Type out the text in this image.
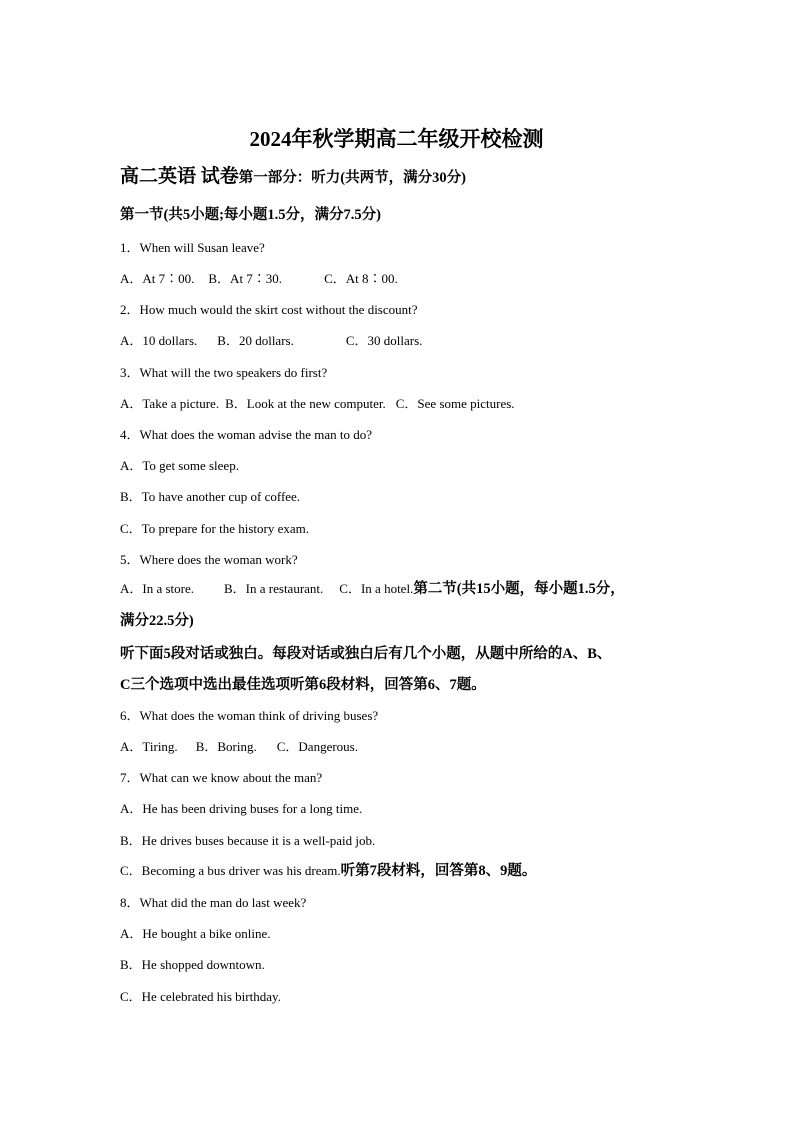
2024年秋学期高二年级开校检测
高二英语 试卷第一部分：听力(共两节，满分30分)
第一节(共5小题;每小题1.5分，满分7.5分)
1．When will Susan leave?
A．At 7∶00. B．At 7∶30.	C．At 8∶00.
2．How much would the skirt cost without the discount?
A．10 dollars. B．20 dollars.	C．30 dollars.
3．What will the two speakers do first?
A．Take a picture. B．Look at the new computer. C．See some pictures.
4．What does the woman advise the man to do?
A．To get some sleep.
B．To have another cup of coffee.
C．To prepare for the history exam.
5．Where does the woman work?
A．In a store. B．In a restaurant. C．In a hotel.第二节(共15小题，每小题1.5分，
满分22.5分)
听下面5段对话或独白。每段对话或独白后有几个小题，从题中所给的A、B、
C三个选项中选出最佳选项听第6段材料，回答第6、7题。
6．What does the woman think of driving buses?
A．Tiring. B．Boring. C．Dangerous.
7．What can we know about the man?
A．He has been driving buses for a long time.
B．He drives buses because it is a well-paid job.
C．Becoming a bus driver was his dream.听第7段材料，回答第8、9题。
8．What did the man do last week?
A．He bought a bike online.
B．He shopped downtown.
C．He celebrated his birthday.
